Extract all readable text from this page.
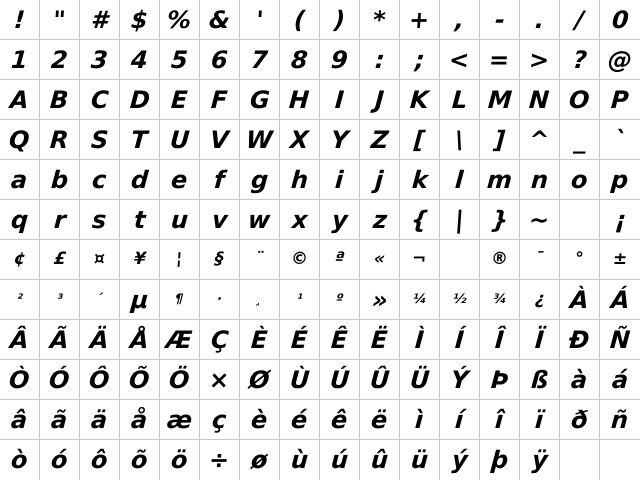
! " # $ % & ' ( ) * + , - . / 0
1 2 3 4 5 6 7 8 9 : ; < = > ? @
A B C D E F G H I J K L M N O P
Q R S T U V W X Y Z [ \ ] ^ _ `
a b c d e f g h i j k l m n o p
q r s t u v w x y z { | } ~	¡
¢ £ ¤ ¥ ¦ § ¨ © ª « ¬	® ¯ ° ±
²	³	´ µ ¶ ·	¸	¹ º » ¼ ½ ¾ ¿ À Á
Â Ã Ä Å Æ Ç È É Ê Ë Ì Í Î Ï Ð Ñ
Ò Ó Ô Õ Ö × Ø Ù Ú Û Ü Ý Þ ß à á
â ã ä å æ ç è é ê ë ì í î ï ð ñ
ò ó ô õ ö ÷ ø ù ú û ü ý þ ÿ
